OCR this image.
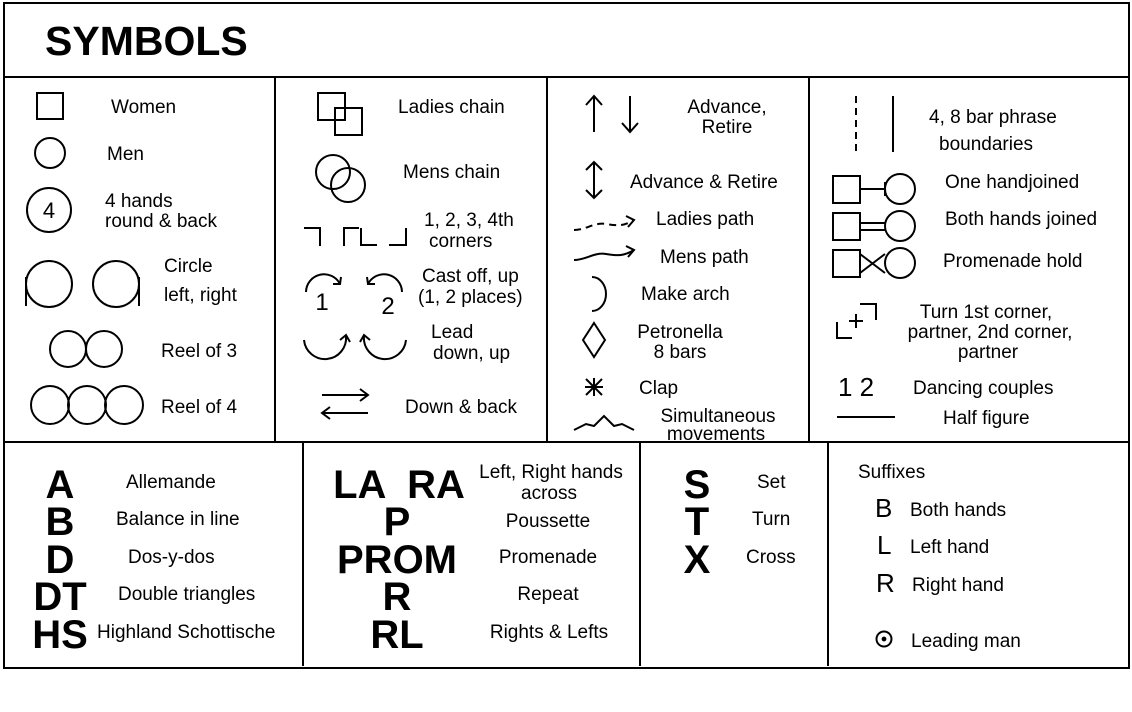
SYMBOLS
Women
Men
4	4 hands
round & back
Circle
left, right
Reel of 3
Reel of 4
Ladies chain
Mens chain
1, 2, 3, 4th
corners
1 2
Cast off, up
(1, 2 places)
Lead
down, up
Down & back
Advance,
Retire
Advance & Retire
Ladies path
Mens path
Make arch
Petronella
8 bars
Clap
Simultaneous
movements
4, 8 bar phrase
boundaries
One handjoined
Both hands joined
Promenade hold
Turn 1st corner,
partner, 2nd corner,
partner
1 2 Dancing couples
Half figure
A	Allemande
B Balance in line
D	Dos-y-dos
DT Double triangles
HS Highland Schottische
LA  RA Left, Right hands
across
P	Poussette
PROM Promenade
R	Repeat
RL	Rights & Lefts
S Set
T Turn
X Cross
Suffixes
B Both hands
L Left hand
R Right hand
Leading man
